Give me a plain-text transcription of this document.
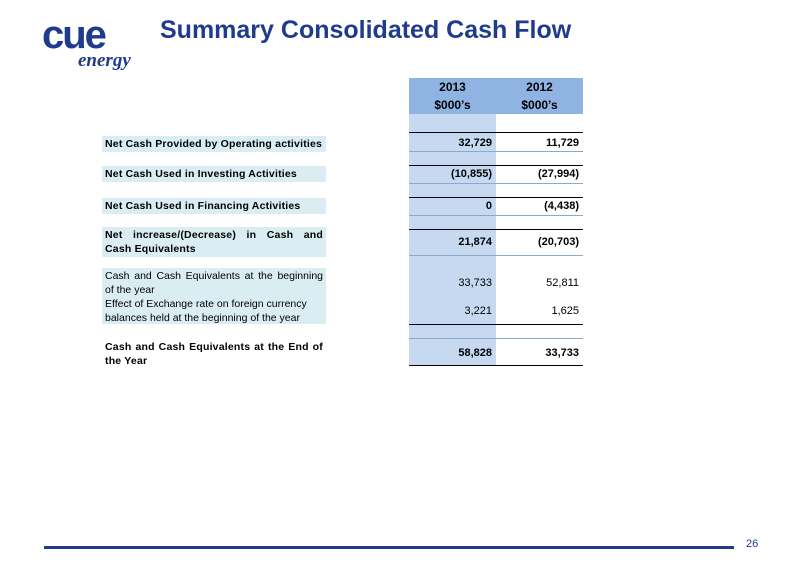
cue
energy
Summary Consolidated Cash Flow
2013
$000’s
2012
$000’s
Net Cash Provided by Operating activities
Net Cash Used in Investing Activities
Net Cash Used in Financing Activities
Net increase/(Decrease) in Cash and Cash Equivalents
Cash and Cash Equivalents at the beginning of the year
Effect of Exchange rate on foreign currency balances held at the beginning of the year
Cash and Cash Equivalents at the End of the Year
32,729
(10,855)
0
21,874
33,733
3,221
58,828
11,729
(27,994)
(4,438)
(20,703)
52,811
1,625
33,733
26
